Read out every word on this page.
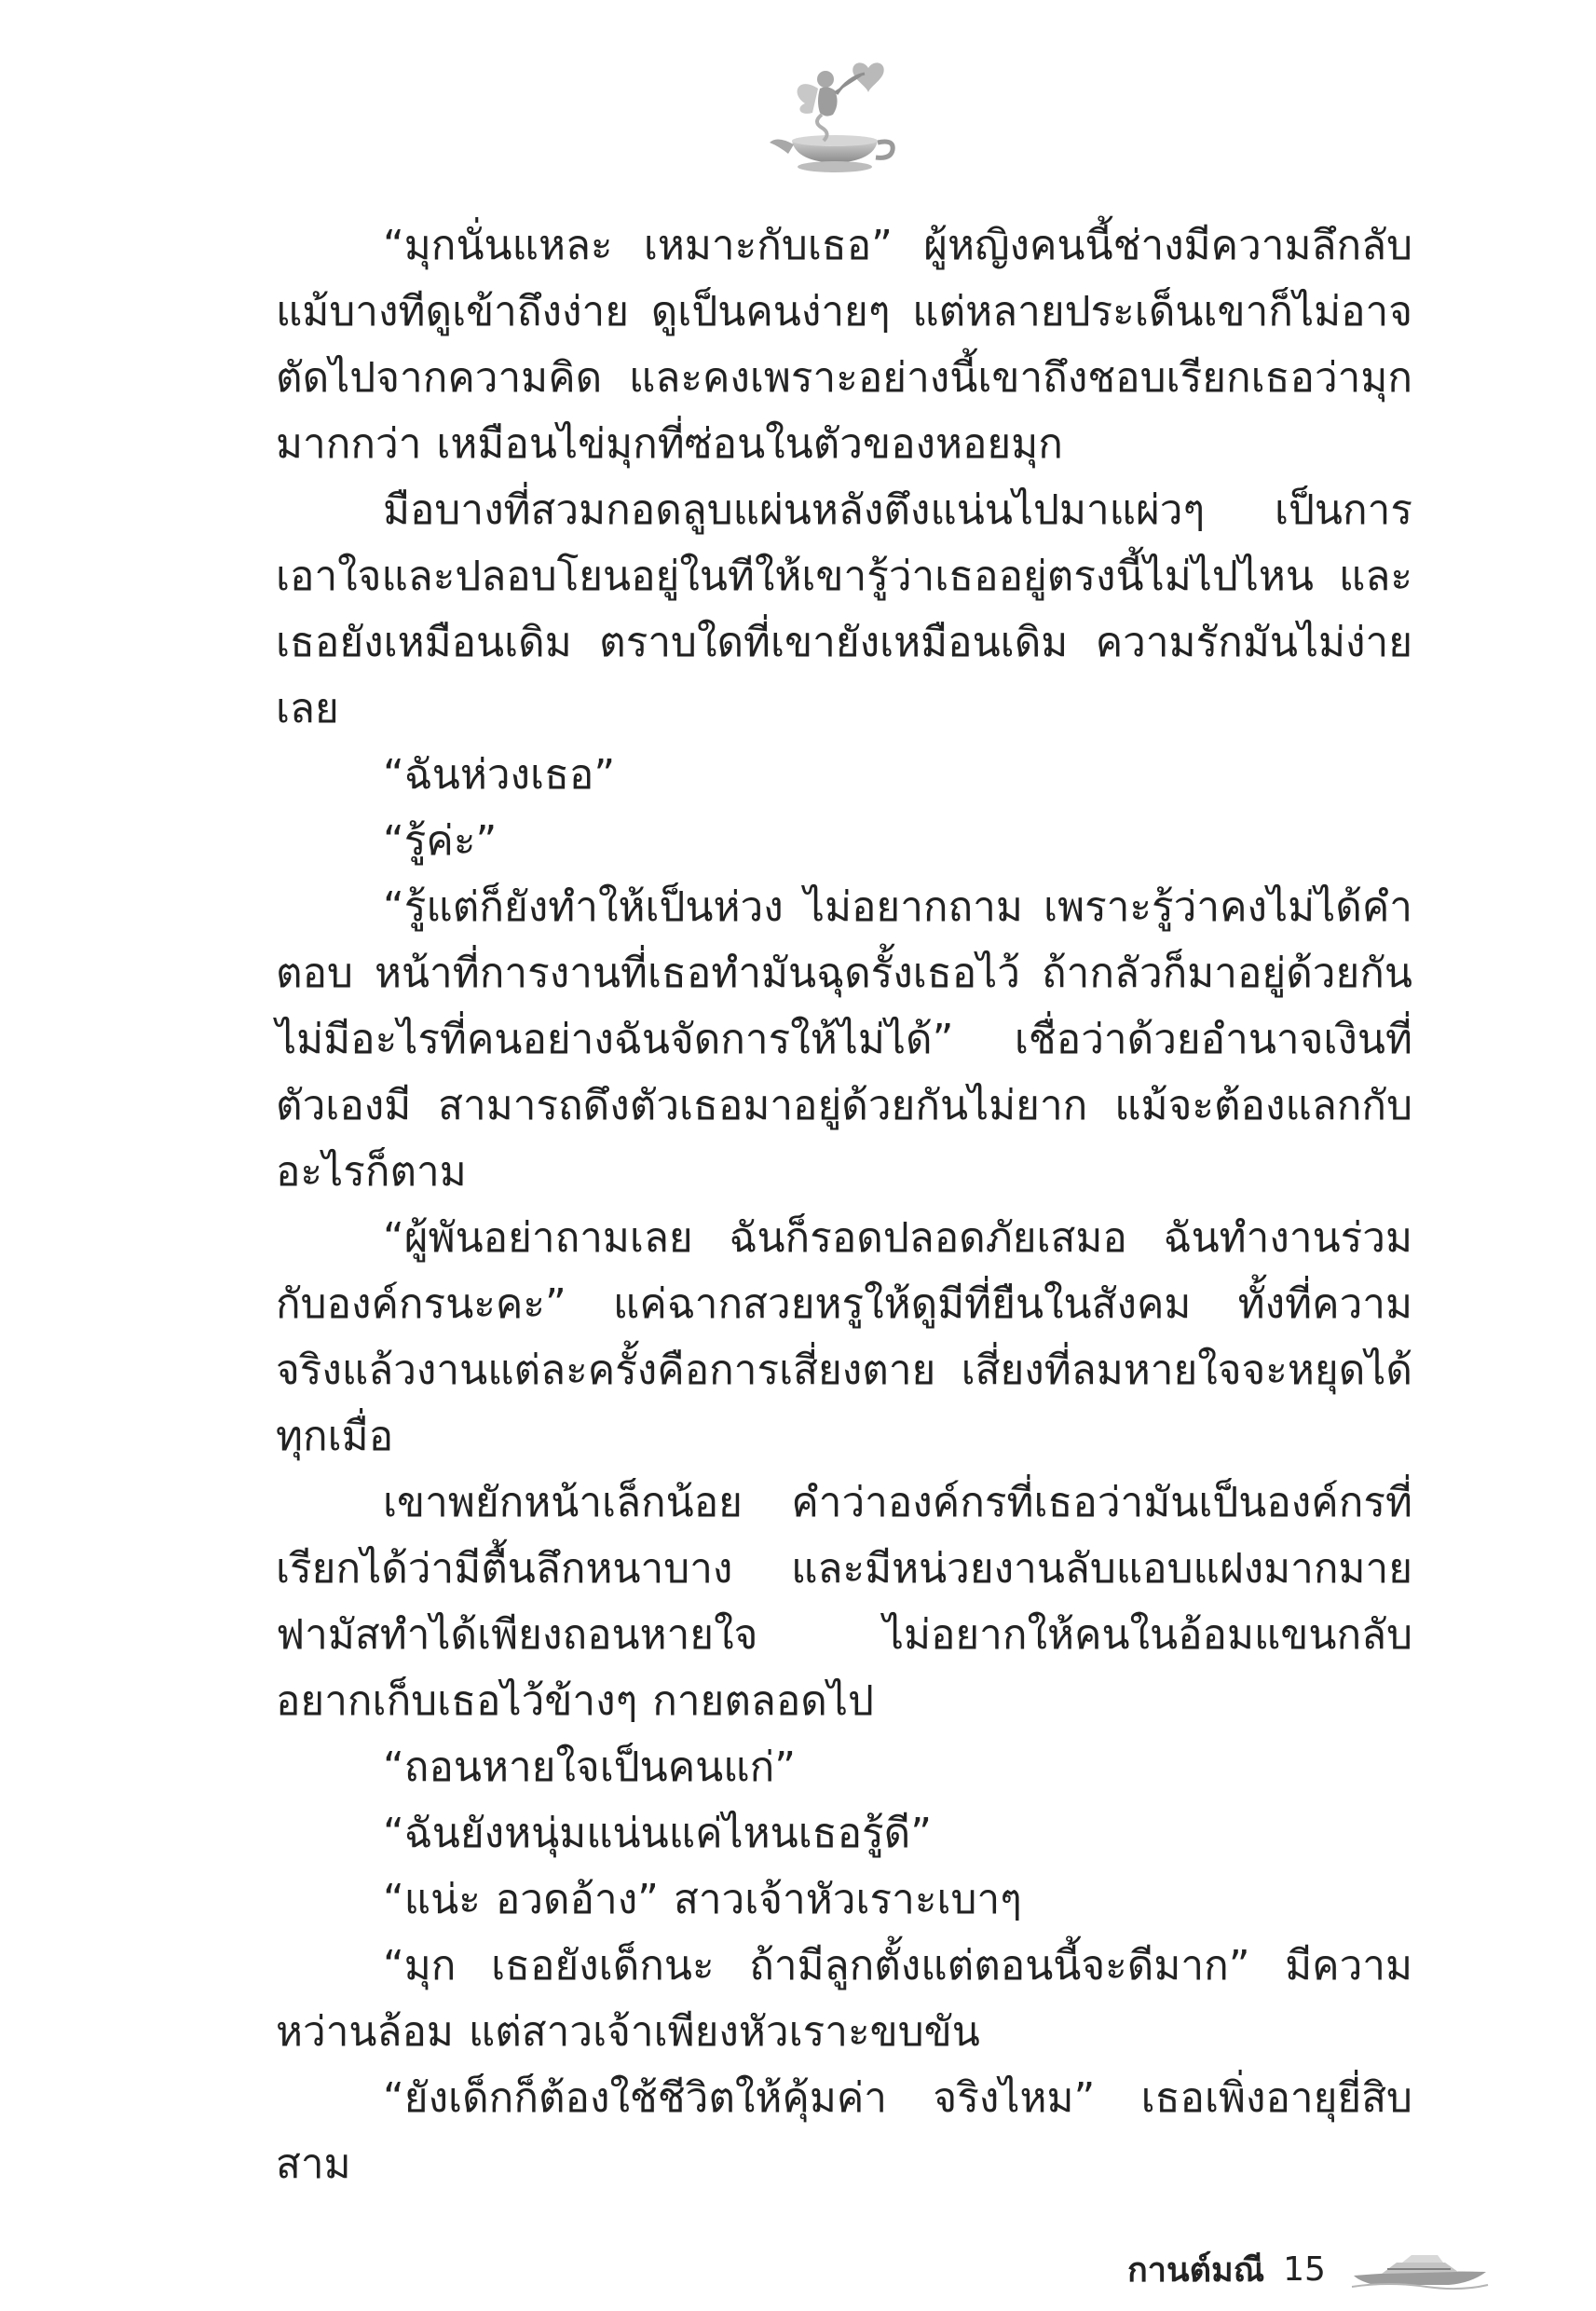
“มุกนั่นแหละ เหมาะกับเธอ” ผู้หญิงคนนี้ช่างมีความลึกลับ แม้บางทีดูเข้าถึงง่าย ดูเป็นคนง่ายๆ แต่หลายประเด็นเขาก็ไม่อาจตัดไปจากความคิด และคงเพราะอย่างนี้เขาถึงชอบเรียกเธอว่ามุก มากกว่า เหมือนไข่มุกที่ซ่อนในตัวของหอยมุก

มือบางที่สวมกอดลูบแผ่นหลังตึงแน่นไปมาแผ่วๆ เป็นการเอาใจและปลอบโยนอยู่ในทีให้เขารู้ว่าเธออยู่ตรงนี้ไม่ไปไหน และเธอยังเหมือนเดิม ตราบใดที่เขายังเหมือนเดิม ความรักมันไม่ง่ายเลย

“ฉันห่วงเธอ”

“รู้ค่ะ”

“รู้แต่ก็ยังทำให้เป็นห่วง ไม่อยากถาม เพราะรู้ว่าคงไม่ได้คำตอบ หน้าที่การงานที่เธอทำมันฉุดรั้งเธอไว้ ถ้ากลัวก็มาอยู่ด้วยกัน ไม่มีอะไรที่คนอย่างฉันจัดการให้ไม่ได้” เชื่อว่าด้วยอำนาจเงินที่ตัวเองมี สามารถดึงตัวเธอมาอยู่ด้วยกันไม่ยาก แม้จะต้องแลกกับอะไรก็ตาม

“ผู้พันอย่าถามเลย ฉันก็รอดปลอดภัยเสมอ ฉันทำงานร่วมกับองค์กรนะคะ” แค่ฉากสวยหรูให้ดูมีที่ยืนในสังคม ทั้งที่ความจริงแล้วงานแต่ละครั้งคือการเสี่ยงตาย เสี่ยงที่ลมหายใจจะหยุดได้ทุกเมื่อ

เขาพยักหน้าเล็กน้อย คำว่าองค์กรที่เธอว่ามันเป็นองค์กรที่เรียกได้ว่ามีตื้นลึกหนาบาง และมีหน่วยงานลับแอบแฝงมากมาย ฟามัสทำได้เพียงถอนหายใจ ไม่อยากให้คนในอ้อมแขนกลับ อยากเก็บเธอไว้ข้างๆ กายตลอดไป

“ถอนหายใจเป็นคนแก่”

“ฉันยังหนุ่มแน่นแค่ไหนเธอรู้ดี”

“แน่ะ อวดอ้าง” สาวเจ้าหัวเราะเบาๆ

“มุก เธอยังเด็กนะ ถ้ามีลูกตั้งแต่ตอนนี้จะดีมาก” มีความหว่านล้อม แต่สาวเจ้าเพียงหัวเราะขบขัน

“ยังเด็กก็ต้องใช้ชีวิตให้คุ้มค่า จริงไหม” เธอเพิ่งอายุยี่สิบสาม

กานต์มณี 15
